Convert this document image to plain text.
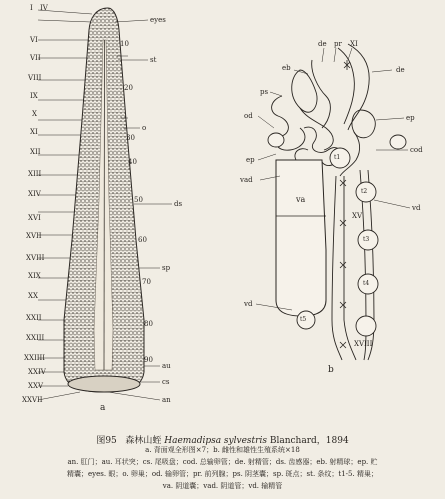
I IV
VI
VII
VIII
IX
X
XI
XII
XIII
XIV
XVI
XVII
XVIII
XIX
XX
XXII
XXIII
XXIIII
XXIV
XXV
XXVII
10
20
30
40
50
60
70
80
90
eyes
st
o
ds
sp
au
cs
an
a
de pr XI
eb	de
ps
ep
od
cod
ep
vad
va
vd
vd
t1
t2
t3
t4
t5
XV
XVIII
b
图95 森林山蛭 Haemadipsa sylvestris Blanchard，1894
a. 背面观全形图×7；b. 雌性和雄性生殖系统×18
an. 肛门；au. 耳状突；cs. 尾吸盘；cod. 总输卵管；de. 射精管；ds. 齿感器；eb. 射精球；ep. 贮
精囊；eyes. 眼；o. 卵巢；od. 输卵管；pr. 前列腺；ps. 阴茎囊；sp. 斑点；st. 条纹；t1-5. 精巢；
va. 阴道囊；vad. 阴道管；vd. 输精管
